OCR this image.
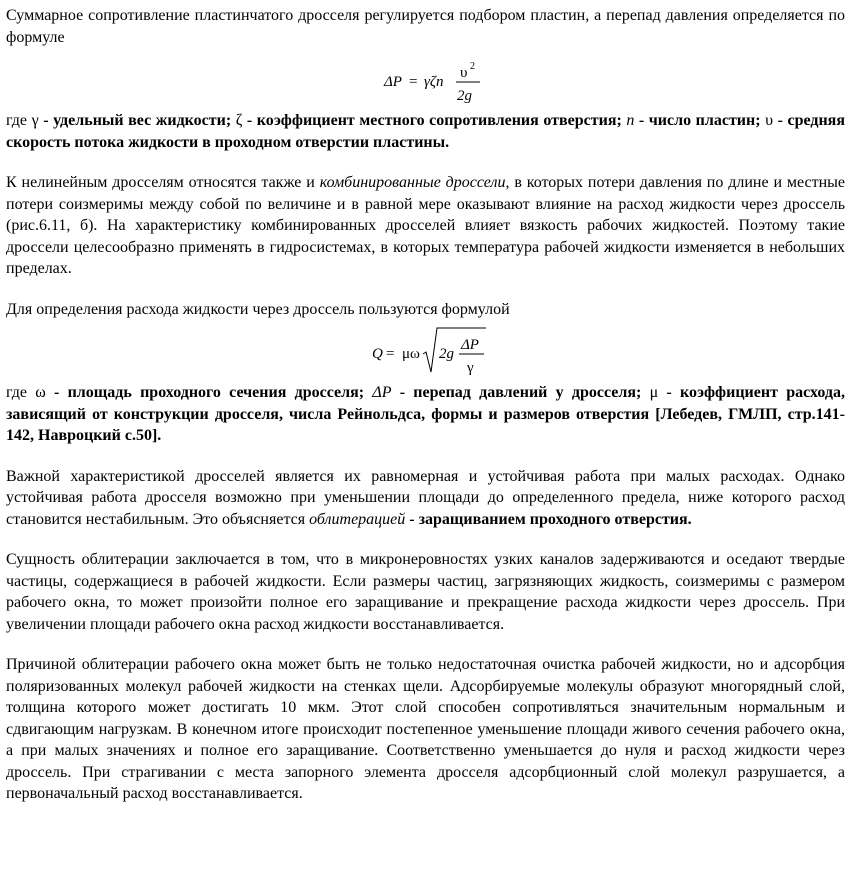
Суммарное сопротивление пластинчатого дросселя регулируется подбором пластин, а перепад давления определяется по формуле

ΔP = γζn
υ 2
2g

где γ - удельный вес жидкости; ζ - коэффициент местного сопротивления отверстия; n - число пластин; υ - средняя скорость потока жидкости в проходном отверстии пластины.

К нелинейным дросселям относятся также и комбинированные дроссели, в которых потери давления по длине и местные потери соизмеримы между собой по величине и в равной мере оказывают влияние на расход жидкости через дроссель (рис.6.11, б). На характеристику комбинированных дросселей влияет вязкость рабочих жидкостей. Поэтому такие дроссели целесообразно применять в гидросистемах, в которых температура рабочей жидкости изменяется в небольших пределах.

Для определения расхода жидкости через дроссель пользуются формулой

Q = μω 2g
ΔP
γ

где ω - площадь проходного сечения дросселя; ΔP - перепад давлений у дросселя; μ - коэффициент расхода, зависящий от конструкции дросселя, числа Рейнольдса, формы и размеров отверстия [Лебедев, ГМЛП, стр.141-142, Навроцкий с.50].

Важной характеристикой дросселей является их равномерная и устойчивая работа при малых расходах. Однако устойчивая работа дросселя возможно при уменьшении площади до определенного предела, ниже которого расход становится нестабильным. Это объясняется облитерацией - заращиванием проходного отверстия.

Сущность облитерации заключается в том, что в микронеровностях узких каналов задерживаются и оседают твердые частицы, содержащиеся в рабочей жидкости. Если размеры частиц, загрязняющих жидкость, соизмеримы с размером рабочего окна, то может произойти полное его заращивание и прекращение расхода жидкости через дроссель. При увеличении площади рабочего окна расход жидкости восстанавливается.

Причиной облитерации рабочего окна может быть не только недостаточная очистка рабочей жидкости, но и адсорбция поляризованных молекул рабочей жидкости на стенках щели. Адсорбируемые молекулы образуют многорядный слой, толщина которого может достигать 10 мкм. Этот слой способен сопротивляться значительным нормальным и сдвигающим нагрузкам. В конечном итоге происходит постепенное уменьшение площади живого сечения рабочего окна, а при малых значениях и полное его заращивание. Соответственно уменьшается до нуля и расход жидкости через дроссель. При страгивании с места запорного элемента дросселя адсорбционный слой молекул разрушается, а первоначальный расход восстанавливается.
